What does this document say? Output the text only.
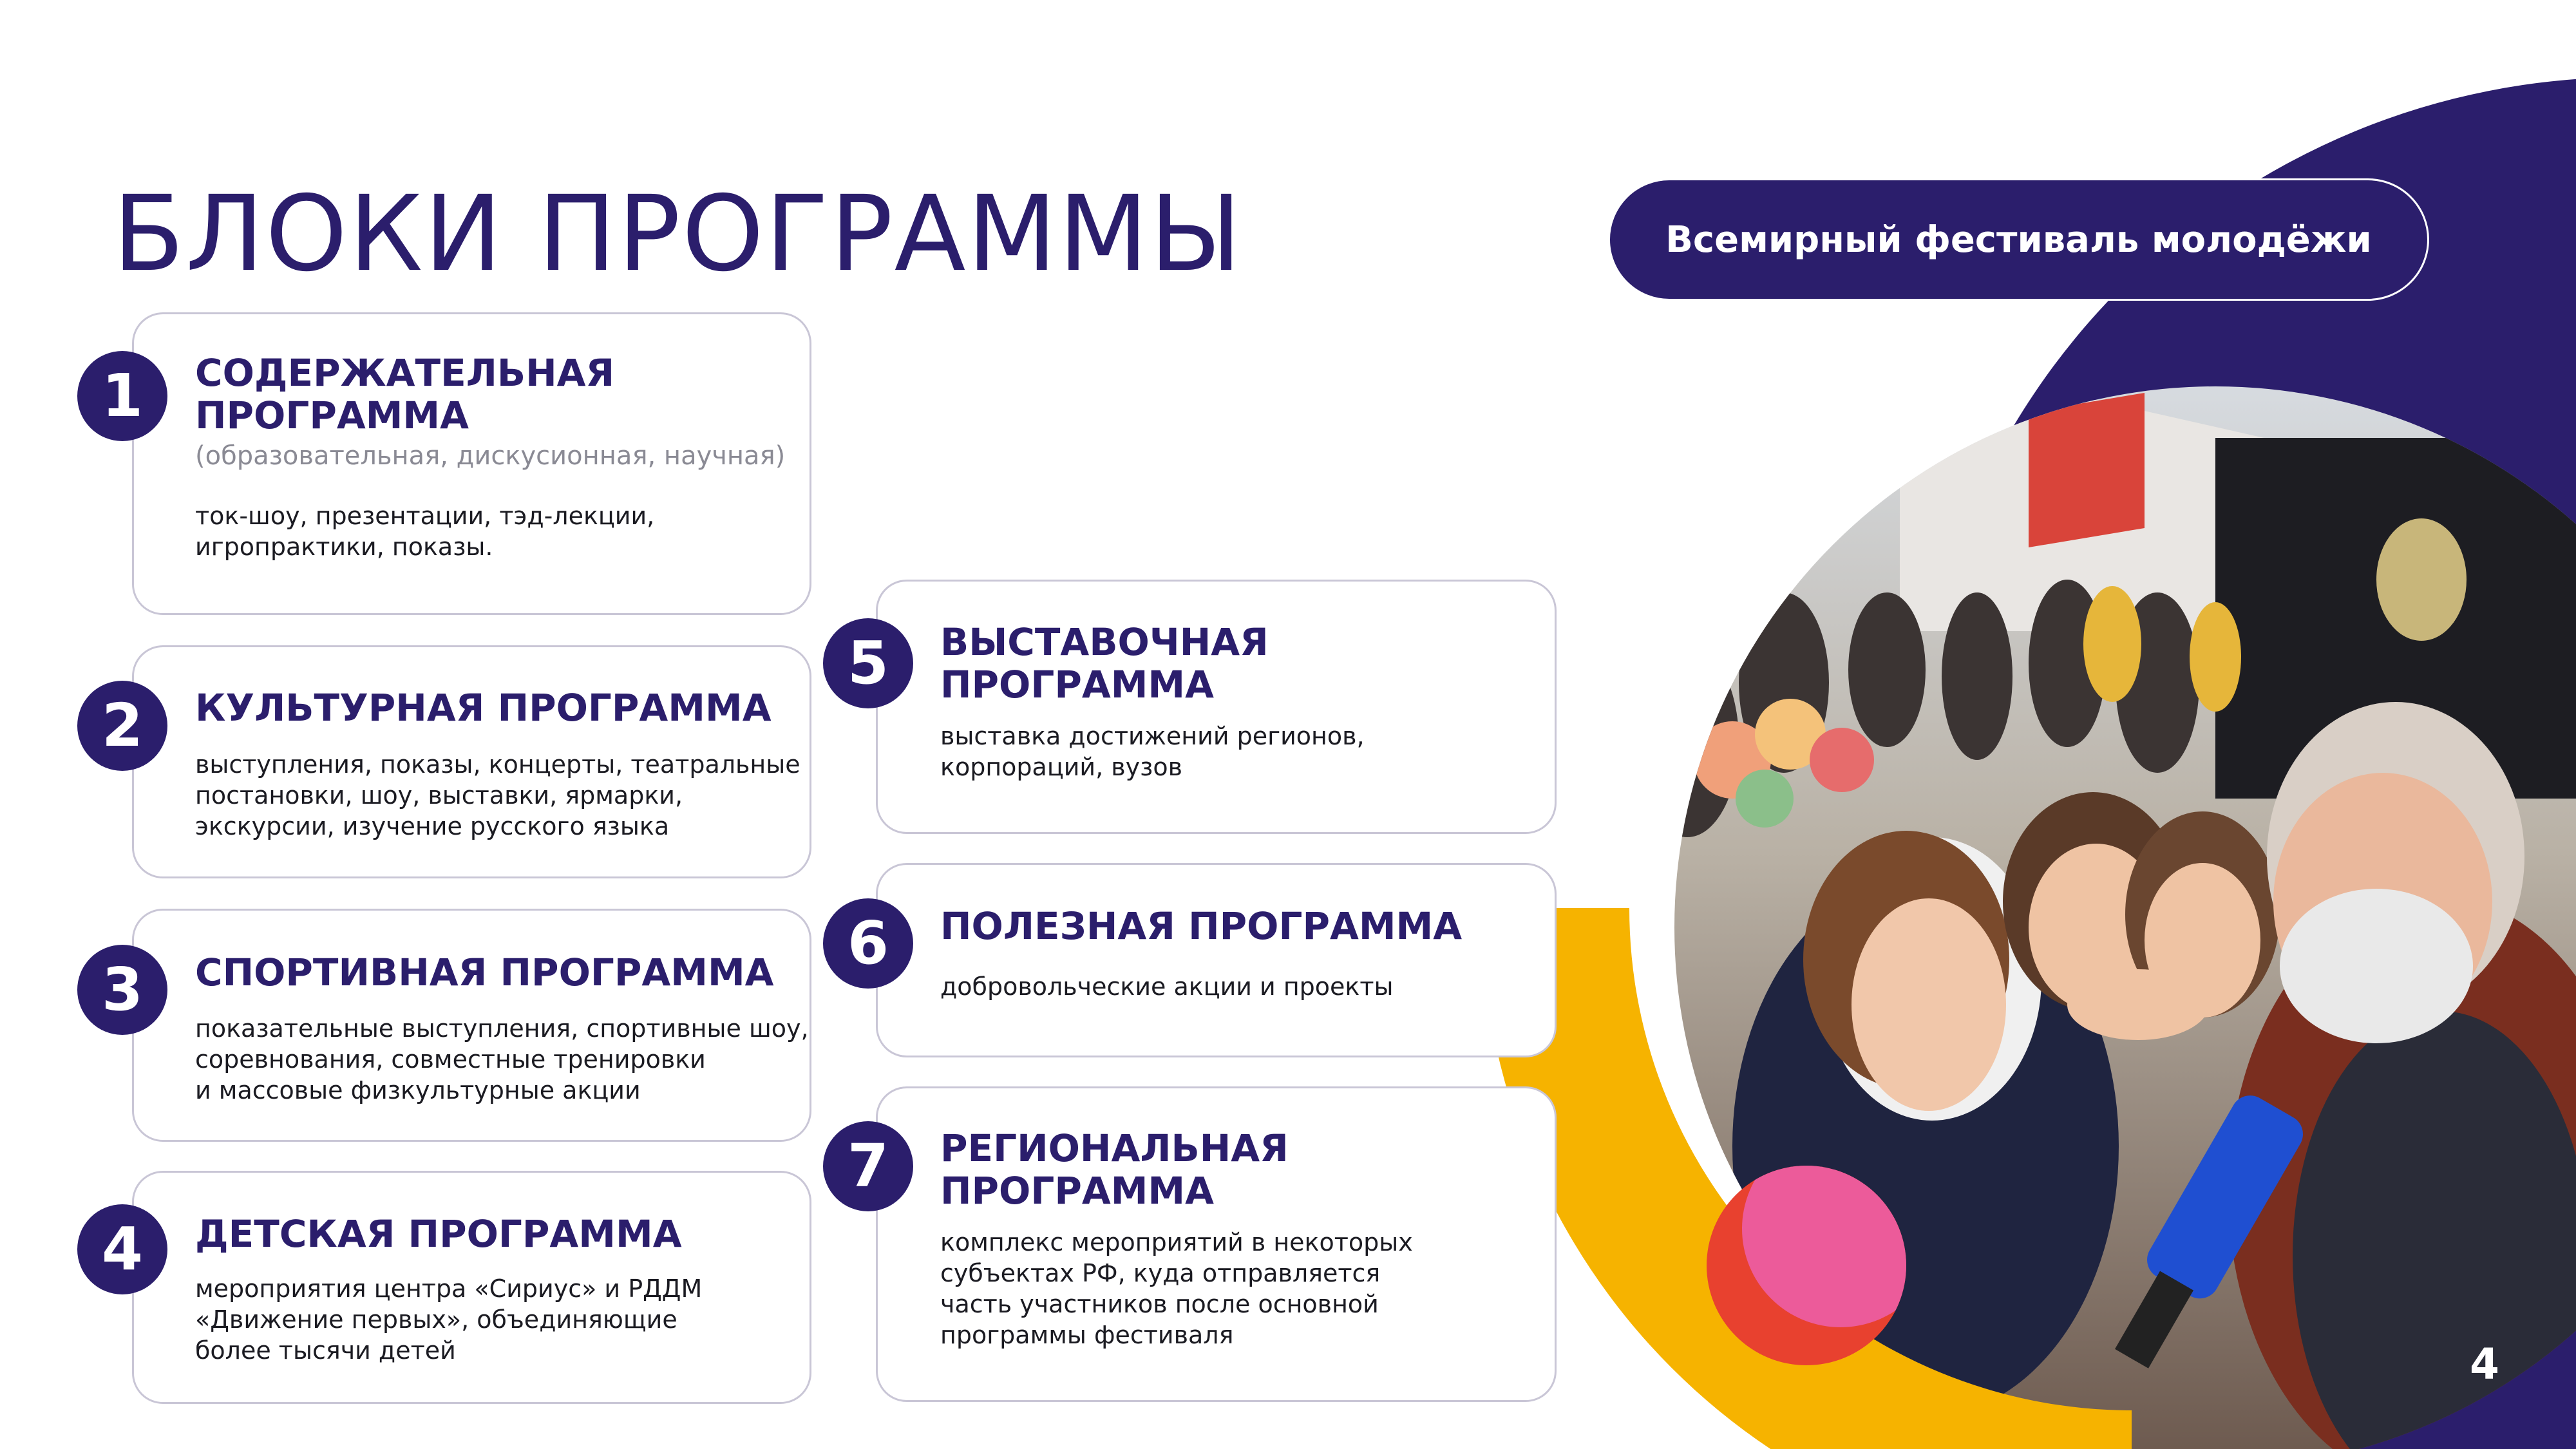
БЛОКИ ПРОГРАММЫ	Всемирный фестиваль молодёжи
1	СОДЕРЖАТЕЛЬНАЯ
ПРОГРАММА
(образовательная, дискусионная, научная)
ток-шоу, презентации, тэд-лекции,
игропрактики, показы.
2	КУЛЬТУРНАЯ ПРОГРАММА
выступления, показы, концерты, театральные
постановки, шоу, выставки, ярмарки,
экскурсии, изучение русского языка
3	СПОРТИВНАЯ ПРОГРАММА
показательные выступления, спортивные шоу,
соревнования, совместные тренировки
и массовые физкультурные акции
4	ДЕТСКАЯ ПРОГРАММА
мероприятия центра «Сириус» и РДДМ
«Движение первых», объединяющие
более тысячи детей
5	ВЫСТАВОЧНАЯ
ПРОГРАММА
выставка достижений регионов,
корпораций, вузов
6	ПОЛЕЗНАЯ ПРОГРАММА
добровольческие акции и проекты
7	РЕГИОНАЛЬНАЯ
ПРОГРАММА
комплекс мероприятий в некоторых
субъектах РФ, куда отправляется
часть участников после основной
программы фестиваля
4
